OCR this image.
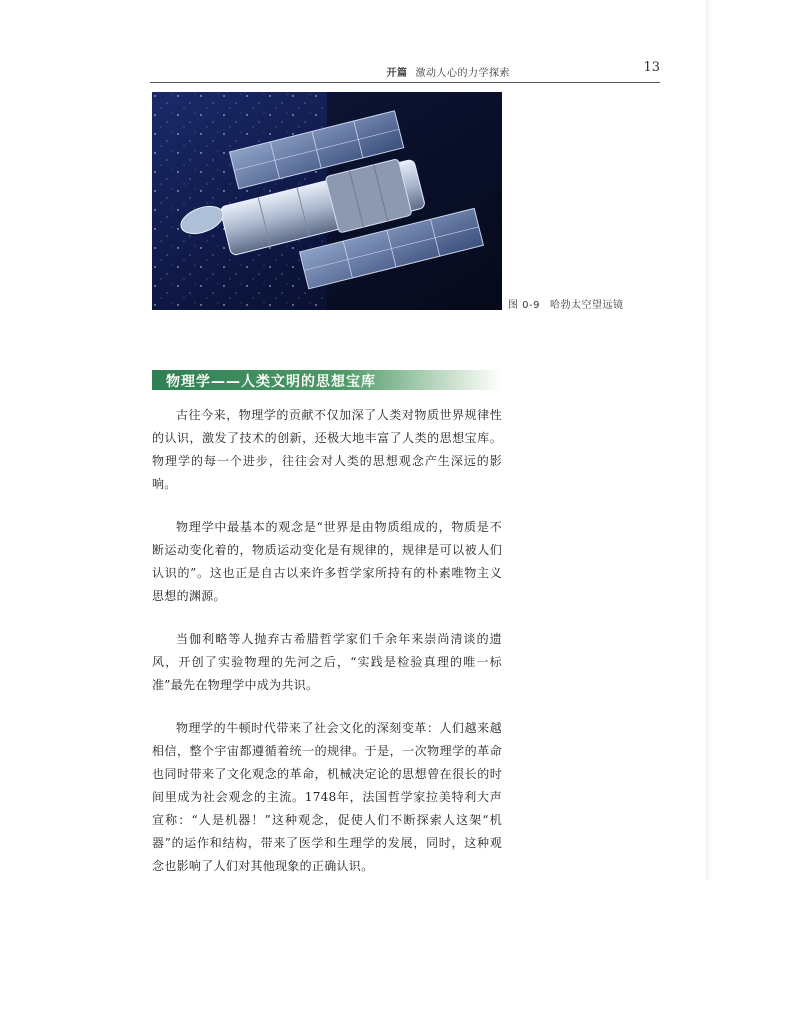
开篇 激动人心的力学探索	13
图 0-9 哈勃太空望远镜
物理学——人类文明的思想宝库

古往今来，物理学的贡献不仅加深了人类对物质世界规律性的认识，激发了技术的创新，还极大地丰富了人类的思想宝库。物理学的每一个进步，往往会对人类的思想观念产生深远的影响。

物理学中最基本的观念是“世界是由物质组成的，物质是不断运动变化着的，物质运动变化是有规律的，规律是可以被人们认识的”。这也正是自古以来许多哲学家所持有的朴素唯物主义思想的渊源。

当伽利略等人抛弃古希腊哲学家们千余年来崇尚清谈的遗风，开创了实验物理的先河之后，“实践是检验真理的唯一标准”最先在物理学中成为共识。

物理学的牛顿时代带来了社会文化的深刻变革：人们越来越相信，整个宇宙都遵循着统一的规律。于是，一次物理学的革命也同时带来了文化观念的革命，机械决定论的思想曾在很长的时间里成为社会观念的主流。1748年，法国哲学家拉美特利大声宣称：“人是机器！”这种观念，促使人们不断探索人这架“机器”的运作和结构，带来了医学和生理学的发展，同时，这种观念也影响了人们对其他现象的正确认识。
